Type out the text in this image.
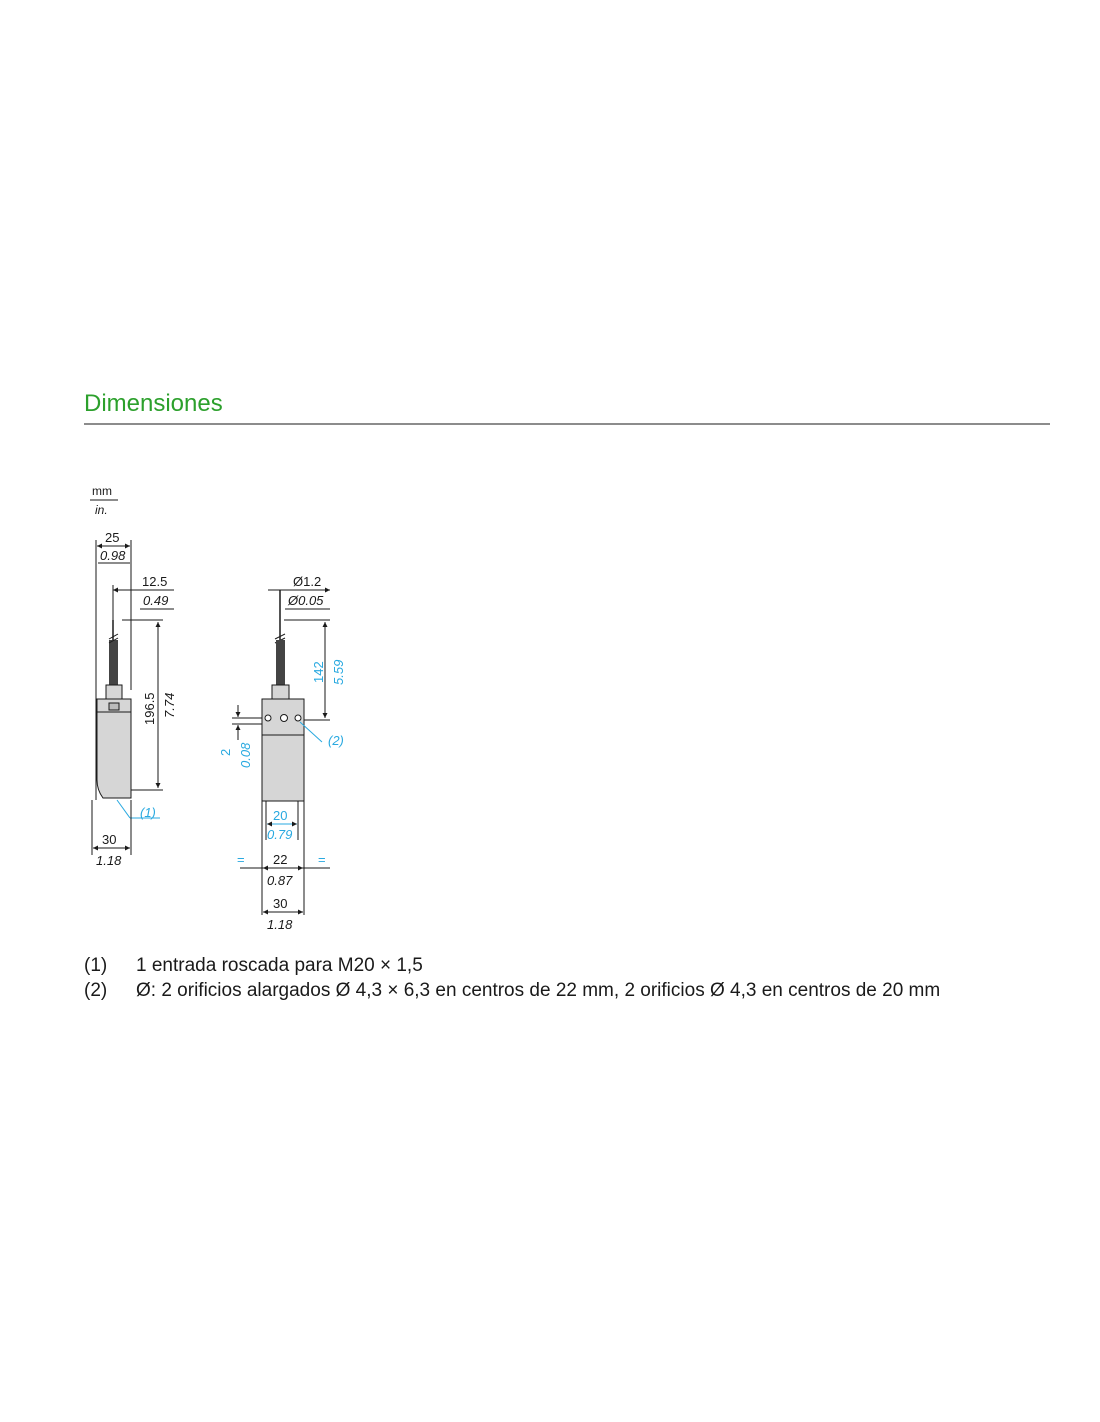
Dimensiones
mm
in.
25
0.98
12.5
0.49
196.5 7.74
(1)
30
1.18
Ø1.2
Ø0.05
142 5.59
2 0.08
(2)
20
0.79
= 22 =
0.87
30
1.18
(1)	1 entrada roscada para M20 × 1,5
(2)	Ø: 2 orificios alargados Ø 4,3 × 6,3 en centros de 22 mm, 2 orificios Ø 4,3 en centros de 20 mm
